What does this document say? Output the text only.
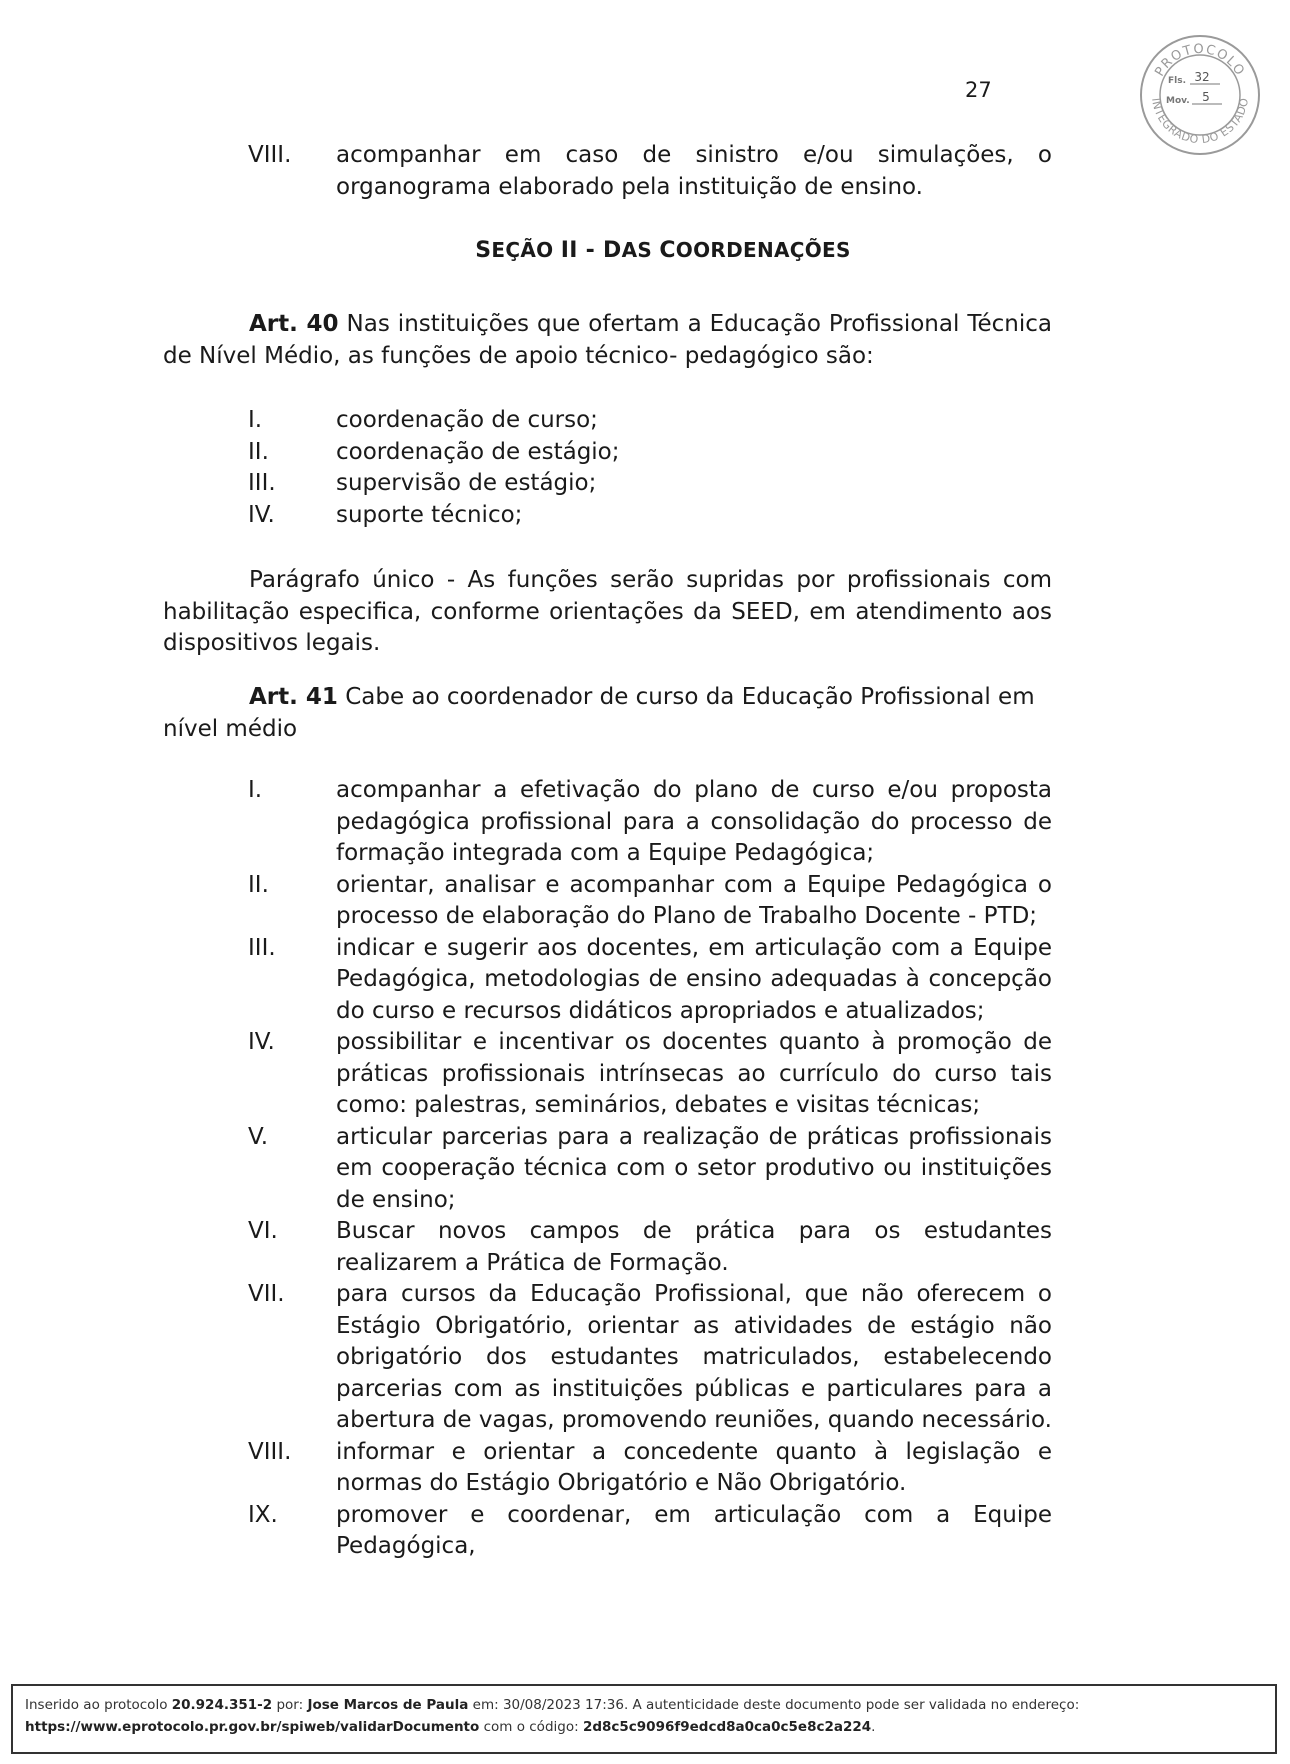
27
PROTOCOLO
INTEGRADO DO ESTADO
Fls. 32
Mov. 5
VIII.	acompanhar em caso de sinistro e/ou simulações, o organograma elaborado pela instituição de ensino.
SEÇÃO II - DAS COORDENAÇÕES
Art. 40 Nas instituições que ofertam a Educação Profissional Técnica de Nível Médio, as funções de apoio técnico- pedagógico são:
I.	coordenação de curso;
II.	coordenação de estágio;
III.	supervisão de estágio;
IV.	suporte técnico;
Parágrafo único - As funções serão supridas por profissionais com habilitação especifica, conforme orientações da SEED, em atendimento aos dispositivos legais.
Art. 41 Cabe ao coordenador de curso da Educação Profissional em nível médio
I.	acompanhar a efetivação do plano de curso e/ou proposta pedagógica profissional para a consolidação do processo de formação integrada com a Equipe Pedagógica;
II.	orientar, analisar e acompanhar com a Equipe Pedagógica o processo de elaboração do Plano de Trabalho Docente - PTD;
III.	indicar e sugerir aos docentes, em articulação com a Equipe Pedagógica, metodologias de ensino adequadas à concepção do curso e recursos didáticos apropriados e atualizados;
IV.	possibilitar e incentivar os docentes quanto à promoção de práticas profissionais intrínsecas ao currículo do curso tais como: palestras, seminários, debates e visitas técnicas;
V.	articular parcerias para a realização de práticas profissionais em cooperação técnica com o setor produtivo ou instituições de ensino;
VI.	Buscar novos campos de prática para os estudantes realizarem a Prática de Formação.
VII.	para cursos da Educação Profissional, que não oferecem o Estágio Obrigatório, orientar as atividades de estágio não obrigatório dos estudantes matriculados, estabelecendo parcerias com as instituições públicas e particulares para a abertura de vagas, promovendo reuniões, quando necessário.
VIII.	informar e orientar a concedente quanto à legislação e normas do Estágio Obrigatório e Não Obrigatório.
IX.	promover e coordenar, em articulação com a Equipe Pedagógica,
Inserido ao protocolo 20.924.351-2 por: Jose Marcos de Paula em: 30/08/2023 17:36. A autenticidade deste documento pode ser validada no endereço:
https://www.eprotocolo.pr.gov.br/spiweb/validarDocumento com o código: 2d8c5c9096f9edcd8a0ca0c5e8c2a224.
